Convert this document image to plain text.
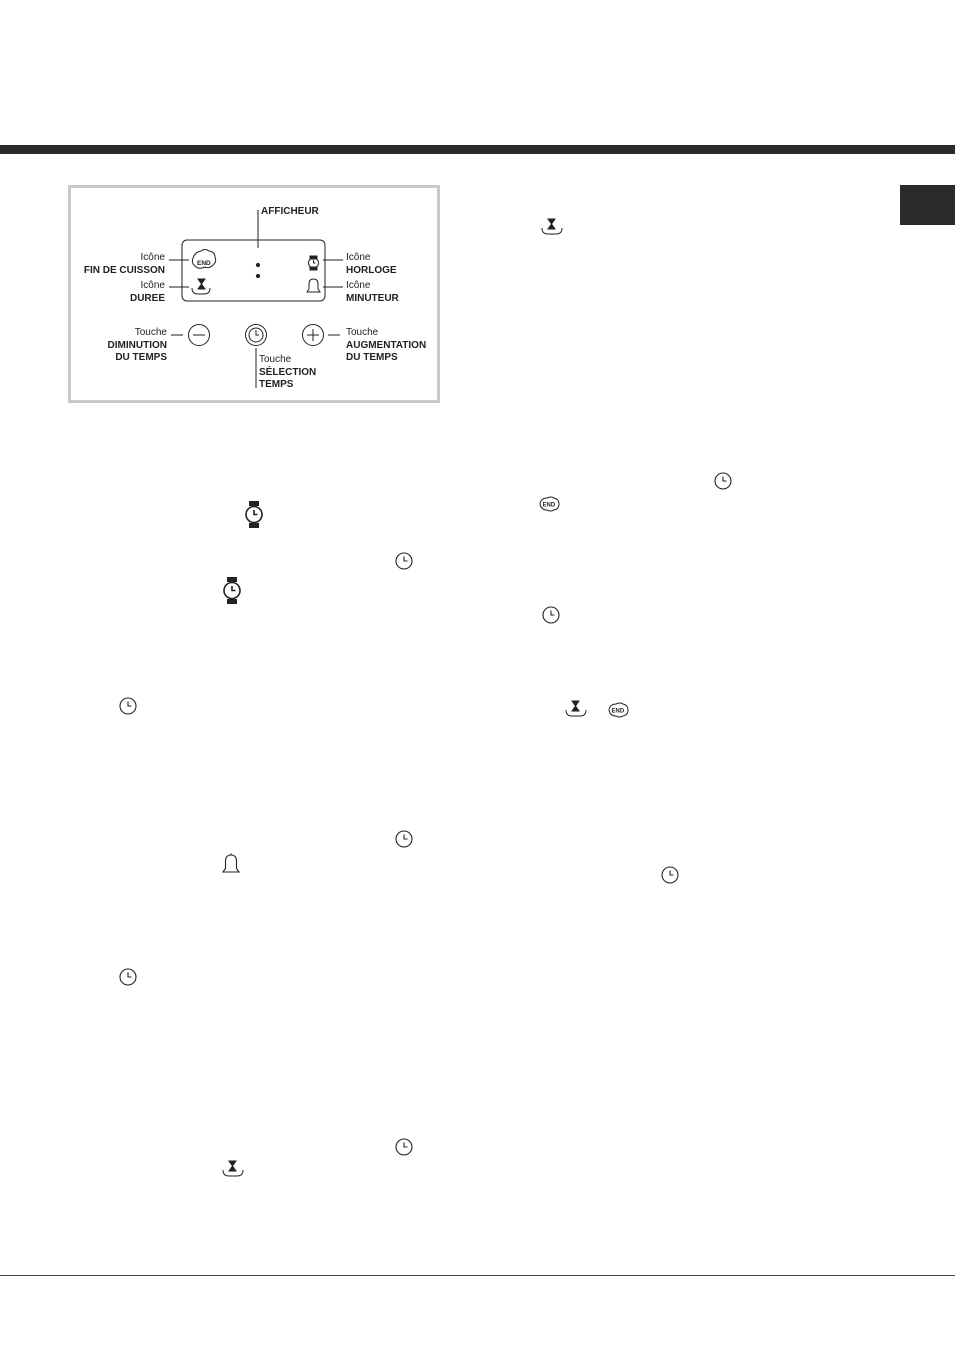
END
AFFICHEUR
Icône
FIN DE CUISSON
Icône
DUREE
Icône
HORLOGE
Icône
MINUTEUR
Touche
DIMINUTION
DU TEMPS	Touche
SÉLECTION
TEMPS
Touche
AUGMENTATION
DU TEMPS
END
END
